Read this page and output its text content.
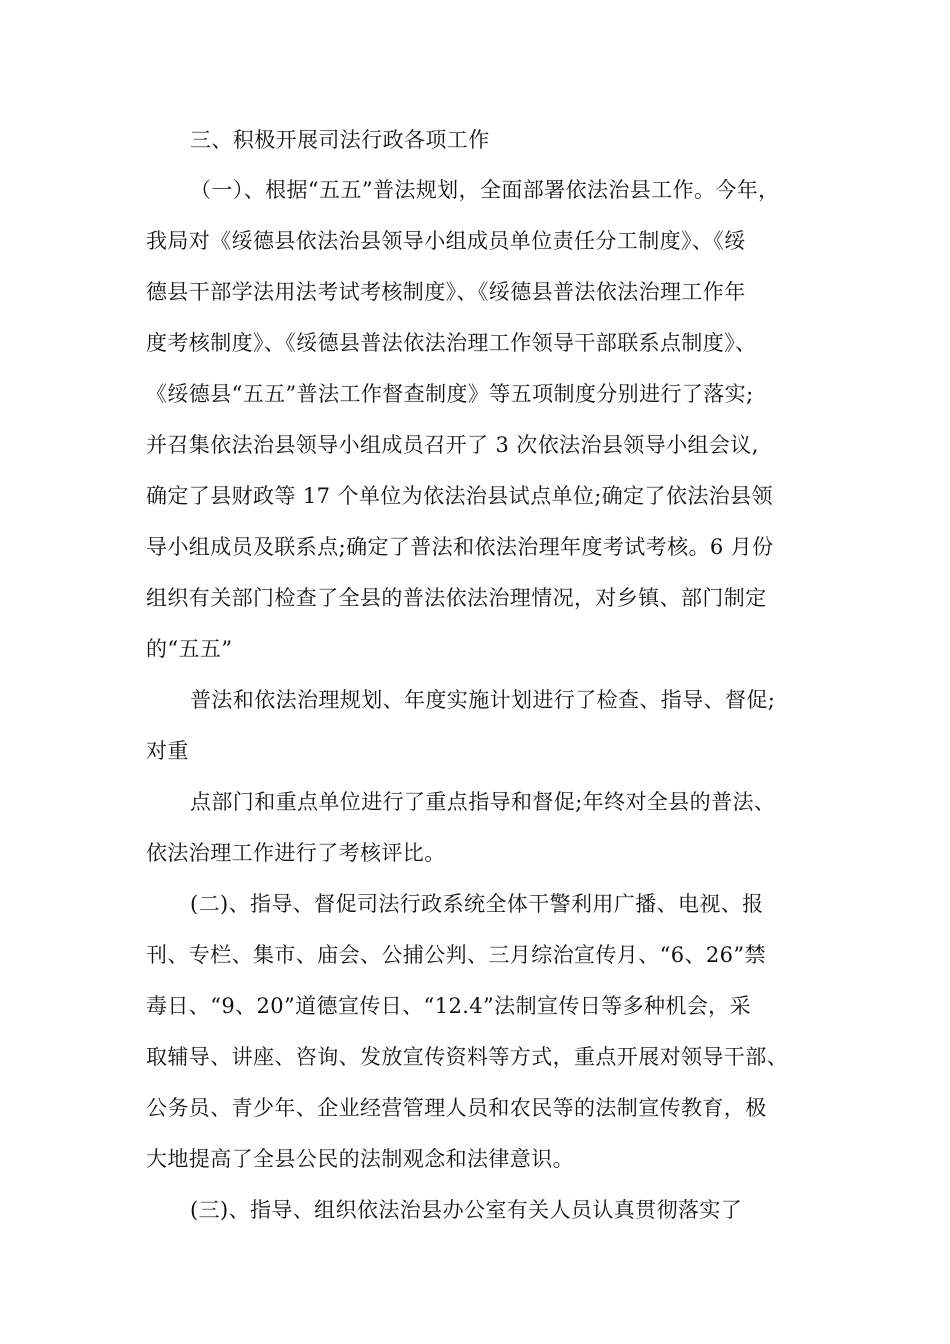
三、积极开展司法行政各项工作
（一）、根据“五五”普法规划，全面部署依法治县工作。今年，
我局对《绥德县依法治县领导小组成员单位责任分工制度》、《绥
德县干部学法用法考试考核制度》、《绥德县普法依法治理工作年
度考核制度》、《绥德县普法依法治理工作领导干部联系点制度》、
《绥德县“五五”普法工作督查制度》等五项制度分别进行了落实;
并召集依法治县领导小组成员召开了 3 次依法治县领导小组会议,
确定了县财政等 17 个单位为依法治县试点单位;确定了依法治县领
导小组成员及联系点;确定了普法和依法治理年度考试考核。6 月份
组织有关部门检查了全县的普法依法治理情况，对乡镇、部门制定
的“五五”
普法和依法治理规划、年度实施计划进行了检查、指导、督促;
对重
点部门和重点单位进行了重点指导和督促;年终对全县的普法、
依法治理工作进行了考核评比。
(二)、指导、督促司法行政系统全体干警利用广播、电视、报
刊、专栏、集市、庙会、公捕公判、三月综治宣传月、“6、26”禁
毒日、“9、20”道德宣传日、“12.4”法制宣传日等多种机会，采
取辅导、讲座、咨询、发放宣传资料等方式，重点开展对领导干部、
公务员、青少年、企业经营管理人员和农民等的法制宣传教育，极
大地提高了全县公民的法制观念和法律意识。
(三)、指导、组织依法治县办公室有关人员认真贯彻落实了
